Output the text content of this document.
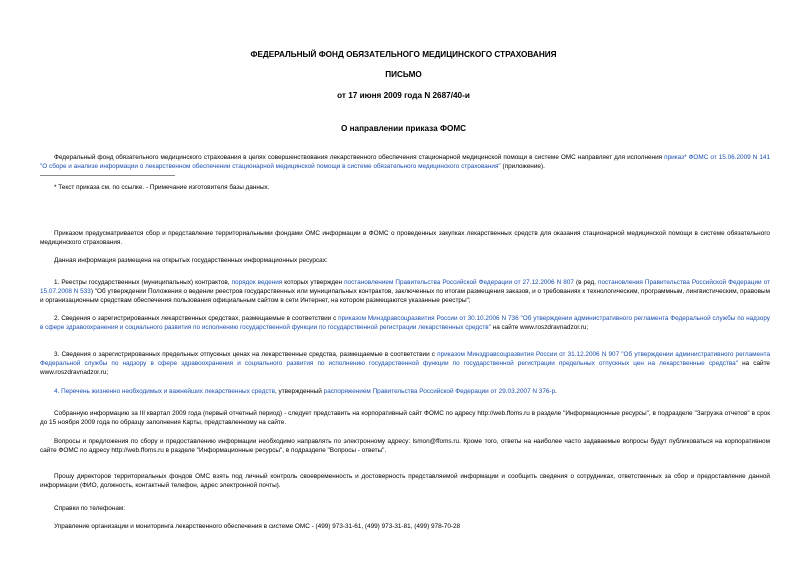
ФЕДЕРАЛЬНЫЙ ФОНД ОБЯЗАТЕЛЬНОГО МЕДИЦИНСКОГО СТРАХОВАНИЯ
ПИСЬМО
от 17 июня 2009 года N 2687/40-и
О направлении приказа ФОМС
Федеральный фонд обязательного медицинского страхования в целях совершенствования лекарственного обеспечения стационарной медицинской помощи в системе ОМС направляет для исполнения приказ* ФОМС от 15.06.2009 N 141 "О сборе и анализе информации о лекарственном обеспечении стационарной медицинской помощи в системе обязательного медицинского страхования" (приложение).
* Текст приказа см. по ссылке. - Примечание изготовителя базы данных.
Приказом предусматривается сбор и представление территориальными фондами ОМС информации в ФОМС о проведенных закупках лекарственных средств для оказания стационарной медицинской помощи в системе обязательного медицинского страхования.
Данная информация размещена на открытых государственных информационных ресурсах:
1. Реестры государственных (муниципальных) контрактов, порядок ведения которых утвержден постановлением Правительства Российской Федерации от 27.12.2006 N 807 (в ред. постановления Правительства Российской Федерации от 15.07.2008 N 533) "Об утверждении Положения о ведении реестров государственных или муниципальных контрактов, заключенных по итогам размещения заказов, и о требованиях к технологическим, программным, лингвистическим, правовым и организационным средствам обеспечения пользования официальным сайтом в сети Интернет, на котором размещаются указанные реестры";
2. Сведения о зарегистрированных лекарственных средствах, размещаемые в соответствии с приказом Минздравсоцразвития России от 30.10.2006 N 736 "Об утверждении административного регламента Федеральной службы по надзору в сфере здравоохранения и социального развития по исполнению государственной функции по государственной регистрации лекарственных средств" на сайте www.roszdravnadzor.ru;
3. Сведения о зарегистрированных предельных отпускных ценах на лекарственные средства, размещаемые в соответствии с приказом Минздравсоцразвития России от 31.12.2006 N 907 "Об утверждении административного регламента Федеральной службы по надзору в сфере здравоохранения и социального развития по исполнению государственной функции по государственной регистрации предельных отпускных цен на лекарственные средства" на сайте www.roszdravnadzor.ru;
4. Перечень жизненно необходимых и важнейших лекарственных средств, утвержденный распоряжением Правительства Российской Федерации от 29.03.2007 N 376-р.
Собранную информацию за III квартал 2009 года (первый отчетный период) - следует представить на корпоративный сайт ФОМС по адресу http://web.ffoms.ru в разделе "Информационные ресурсы", в подразделе "Загрузка отчетов" в срок до 15 ноября 2009 года по образцу заполнения Карты, представленному на сайте.
Вопросы и предложения по сбору и предоставлению информации необходимо направлять по электронному адресу: lsmon@ffoms.ru. Кроме того, ответы на наиболее часто задаваемые вопросы будут публиковаться на корпоративном сайте ФОМС по адресу http://web.ffoms.ru в разделе "Информационные ресурсы", в подразделе "Вопросы - ответы".
Прошу директоров территориальных фондов ОМС взять под личный контроль своевременность и достоверность представляемой информации и сообщить сведения о сотрудниках, ответственных за сбор и предоставление данной информации (ФИО, должность, контактный телефон, адрес электронной почты).
Справки по телефонам:
Управление организации и мониторинга лекарственного обеспечения в системе ОМС - (499) 973-31-61, (499) 973-31-81, (499) 978-70-28
